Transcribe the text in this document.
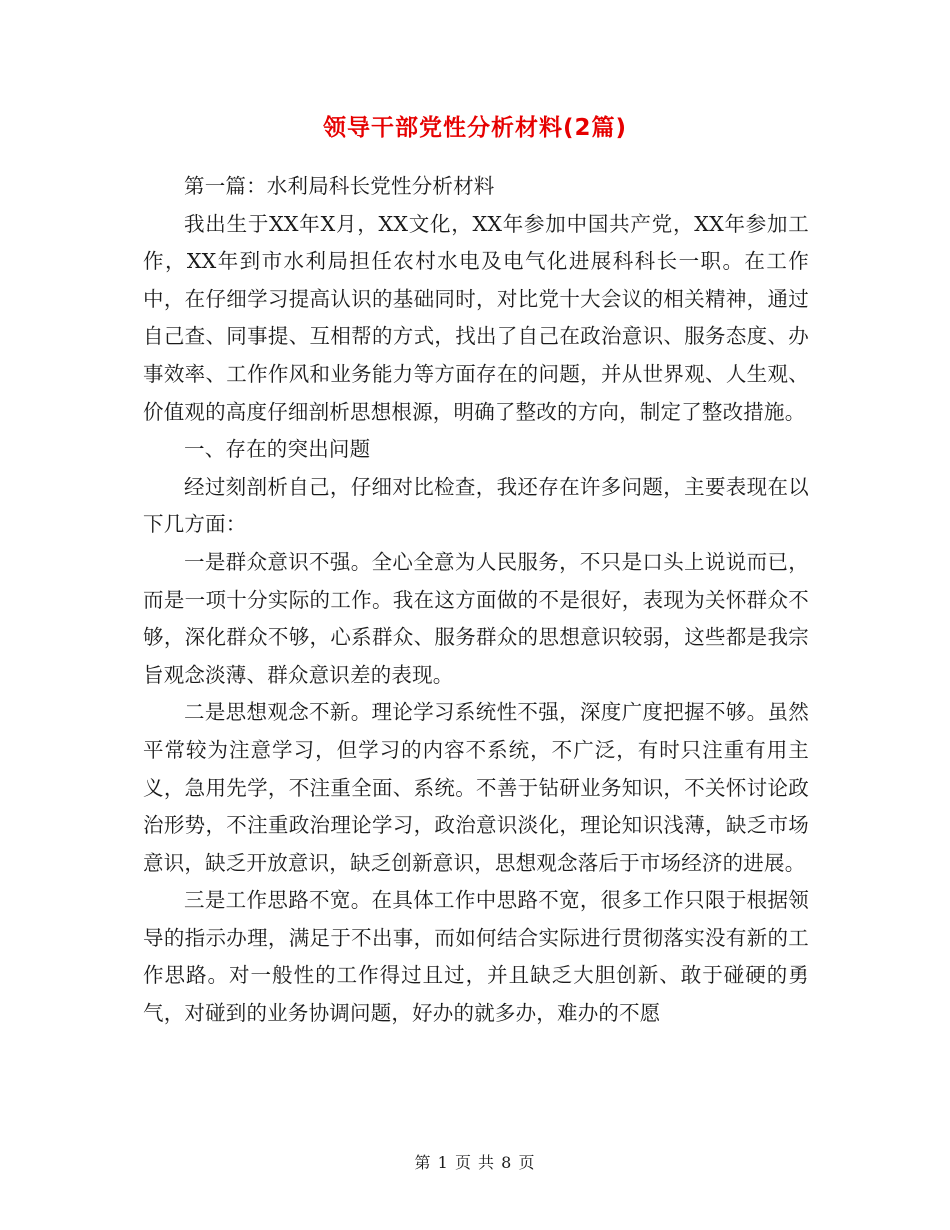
领导干部党性分析材料(2篇)

第一篇：水利局科长党性分析材料

我出生于XX年X月，XX文化，XX年参加中国共产党，XX年参加工作，XX年到市水利局担任农村水电及电气化进展科科长一职。在工作中，在仔细学习提高认识的基础同时，对比党十大会议的相关精神，通过自己查、同事提、互相帮的方式，找出了自己在政治意识、服务态度、办事效率、工作作风和业务能力等方面存在的问题，并从世界观、人生观、价值观的高度仔细剖析思想根源，明确了整改的方向，制定了整改措施。

一、存在的突出问题

经过刻剖析自己，仔细对比检查，我还存在许多问题，主要表现在以下几方面：

一是群众意识不强。全心全意为人民服务，不只是口头上说说而已，而是一项十分实际的工作。我在这方面做的不是很好，表现为关怀群众不够，深化群众不够，心系群众、服务群众的思想意识较弱，这些都是我宗旨观念淡薄、群众意识差的表现。

二是思想观念不新。理论学习系统性不强，深度广度把握不够。虽然平常较为注意学习，但学习的内容不系统，不广泛，有时只注重有用主义，急用先学，不注重全面、系统。不善于钻研业务知识，不关怀讨论政治形势，不注重政治理论学习，政治意识淡化，理论知识浅薄，缺乏市场意识，缺乏开放意识，缺乏创新意识，思想观念落后于市场经济的进展。

三是工作思路不宽。在具体工作中思路不宽，很多工作只限于根据领导的指示办理，满足于不出事，而如何结合实际进行贯彻落实没有新的工作思路。对一般性的工作得过且过，并且缺乏大胆创新、敢于碰硬的勇气，对碰到的业务协调问题，好办的就多办，难办的不愿

第 1 页 共 8 页
